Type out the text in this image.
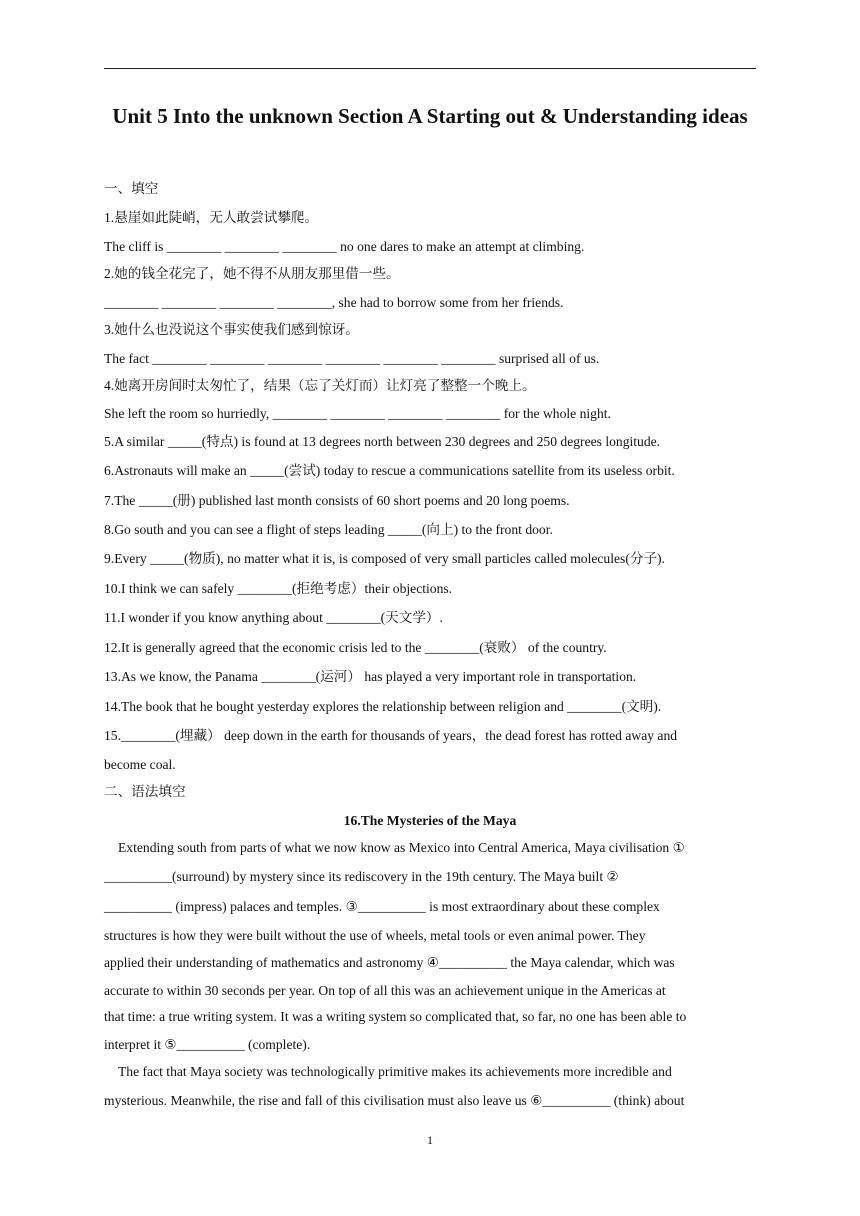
Unit 5 Into the unknown Section A Starting out & Understanding ideas
一、填空
1.悬崖如此陡峭，无人敢尝试攀爬。
The cliff is ________ ________ ________ no one dares to make an attempt at climbing.
2.她的钱全花完了，她不得不从朋友那里借一些。
________ ________ ________ ________, she had to borrow some from her friends.
3.她什么也没说这个事实使我们感到惊讶。
The fact ________ ________ ________ ________ ________ ________ surprised all of us.
4.她离开房间时太匆忙了，结果（忘了关灯而）让灯亮了整整一个晚上。
She left the room so hurriedly, ________ ________ ________ ________ for the whole night.
5.A similar _____(特点) is found at 13 degrees north between 230 degrees and 250 degrees longitude.
6.Astronauts will make an _____(尝试) today to rescue a communications satellite from its useless orbit.
7.The _____(册) published last month consists of 60 short poems and 20 long poems.
8.Go south and you can see a flight of steps leading _____(向上) to the front door.
9.Every _____(物质), no matter what it is, is composed of very small particles called molecules(分子).
10.I think we can safely ________(拒绝考虑）their objections.
11.I wonder if you know anything about ________(天文学）.
12.It is generally agreed that the economic crisis led to the ________(衰败） of the country.
13.As we know, the Panama ________(运河） has played a very important role in transportation.
14.The book that he bought yesterday explores the relationship between religion and ________(文明).
15.________(埋藏） deep down in the earth for thousands of years，the dead forest has rotted away and
become coal.
二、语法填空
16.The Mysteries of the Maya
Extending south from parts of what we now know as Mexico into Central America, Maya civilisation ①
__________(surround) by mystery since its rediscovery in the 19th century. The Maya built ②
__________ (impress) palaces and temples. ③__________ is most extraordinary about these complex
structures is how they were built without the use of wheels, metal tools or even animal power. They
applied their understanding of mathematics and astronomy ④__________ the Maya calendar, which was
accurate to within 30 seconds per year. On top of all this was an achievement unique in the Americas at
that time: a true writing system. It was a writing system so complicated that, so far, no one has been able to
interpret it ⑤__________ (complete).
The fact that Maya society was technologically primitive makes its achievements more incredible and
mysterious. Meanwhile, the rise and fall of this civilisation must also leave us ⑥__________ (think) about
1
